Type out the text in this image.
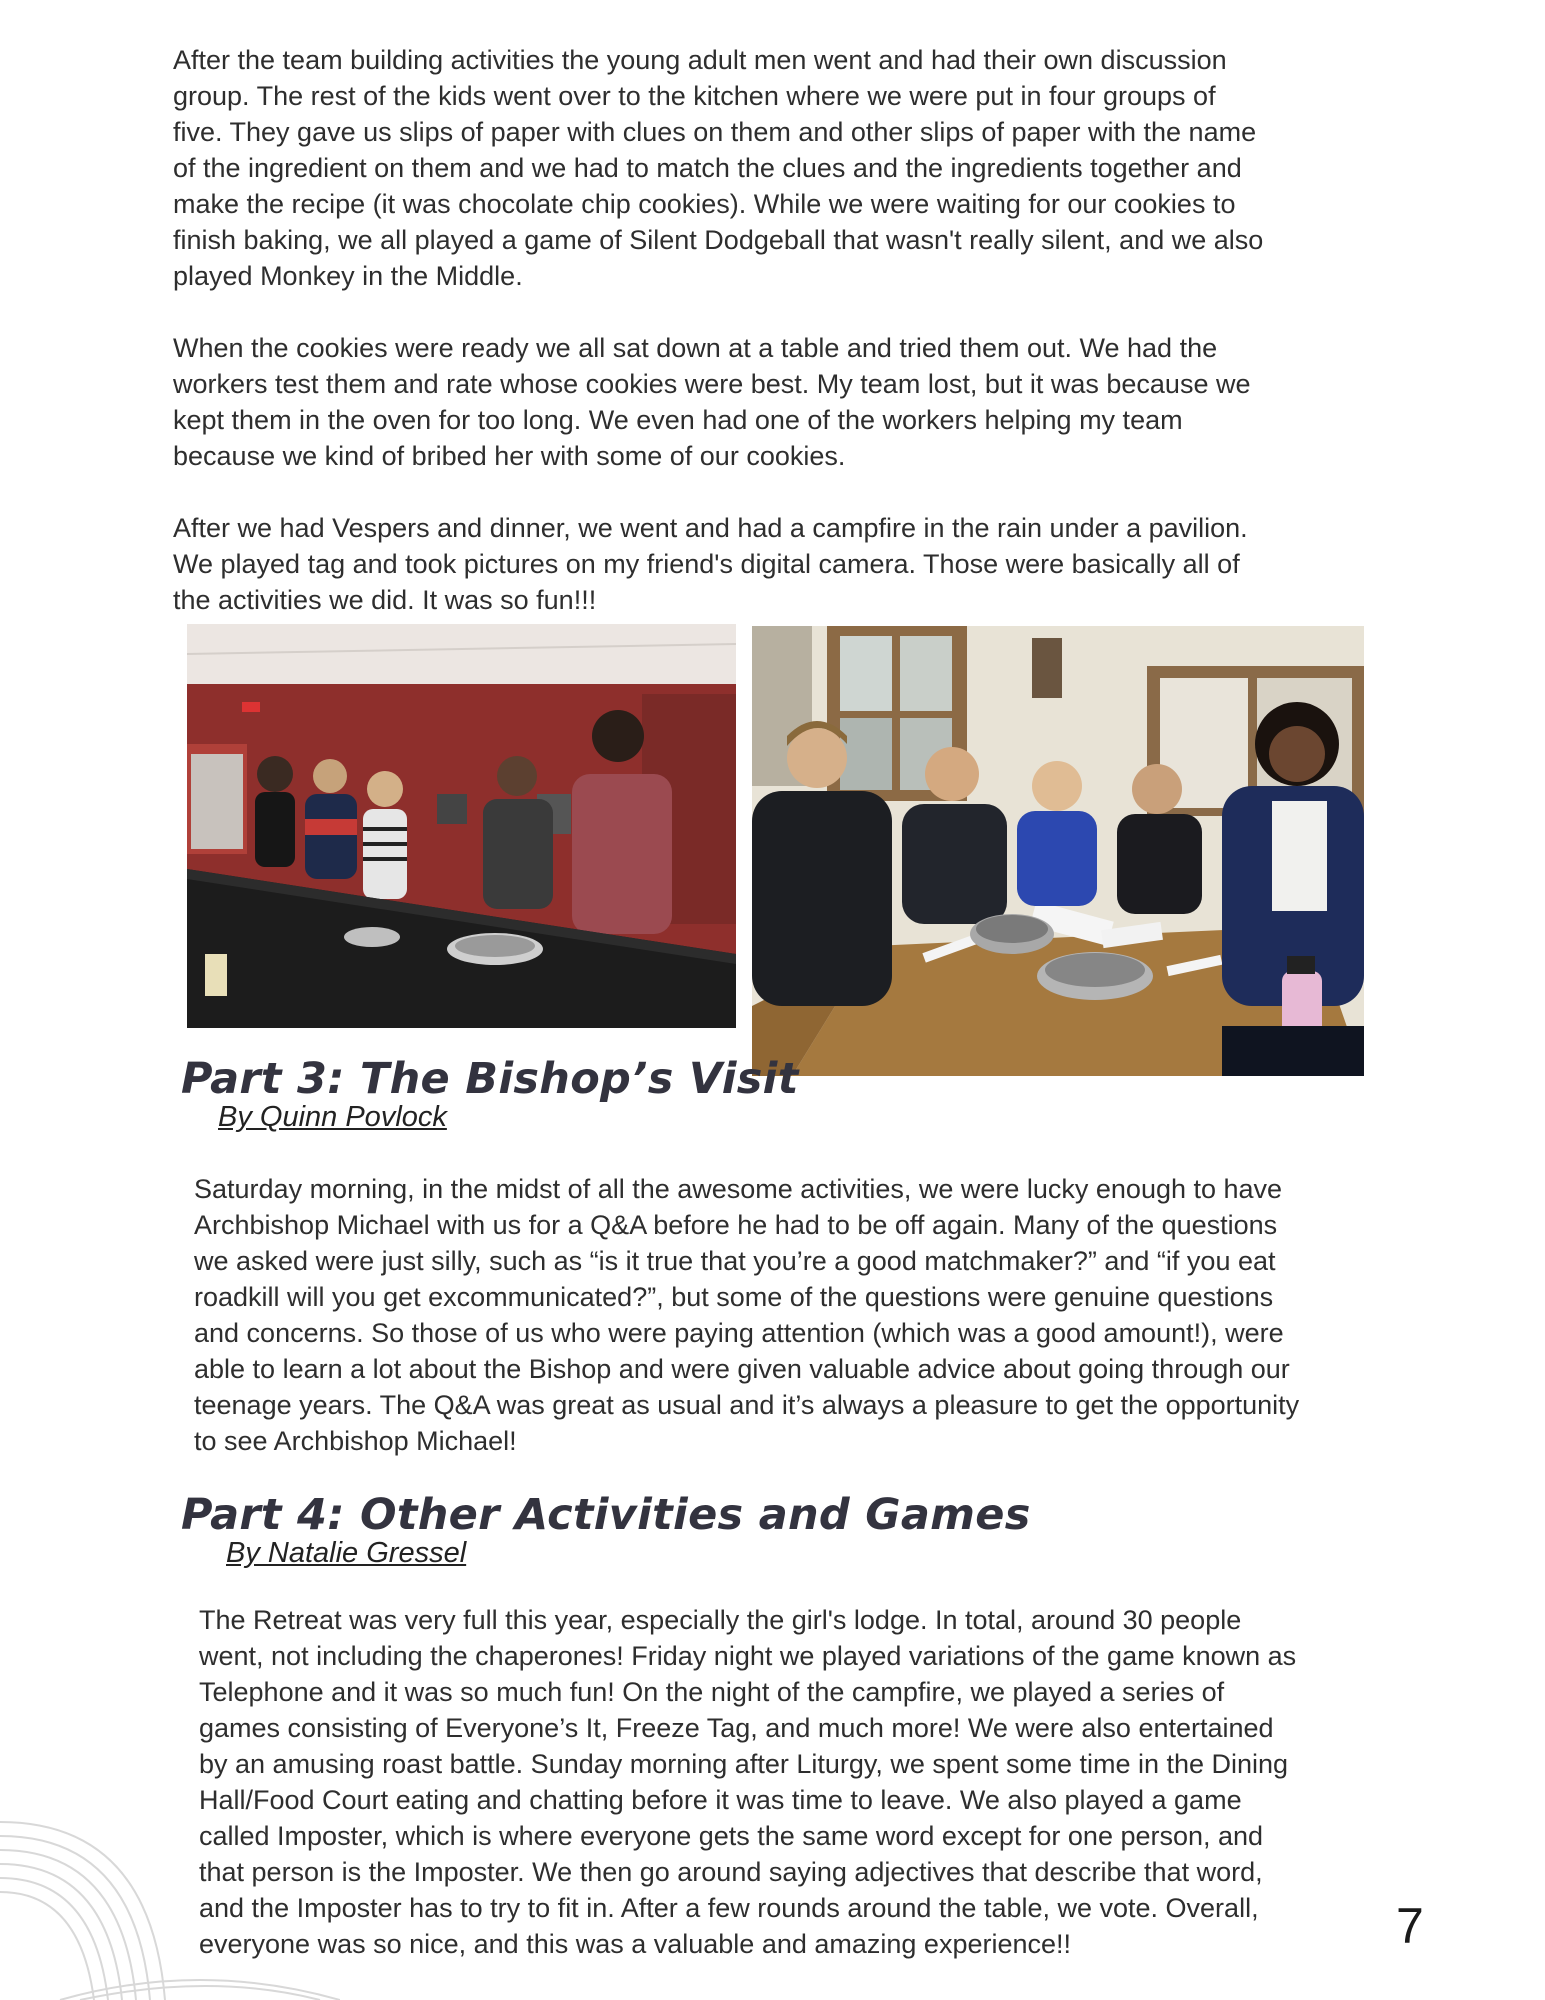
After the team building activities the young adult men went and had their own discussion
group. The rest of the kids went over to the kitchen where we were put in four groups of
five. They gave us slips of paper with clues on them and other slips of paper with the name
of the ingredient on them and we had to match the clues and the ingredients together and
make the recipe (it was chocolate chip cookies). While we were waiting for our cookies to
finish baking, we all played a game of Silent Dodgeball that wasn't really silent, and we also
played Monkey in the Middle.

When the cookies were ready we all sat down at a table and tried them out. We had the
workers test them and rate whose cookies were best. My team lost, but it was because we
kept them in the oven for too long. We even had one of the workers helping my team
because we kind of bribed her with some of our cookies.

After we had Vespers and dinner, we went and had a campfire in the rain under a pavilion.
We played tag and took pictures on my friend's digital camera. Those were basically all of
the activities we did. It was so fun!!!

Part 3: The Bishop’s Visit

By Quinn Povlock

Saturday morning, in the midst of all the awesome activities, we were lucky enough to have
Archbishop Michael with us for a Q&A before he had to be off again. Many of the questions
we asked were just silly, such as “is it true that you’re a good matchmaker?” and “if you eat
roadkill will you get excommunicated?”, but some of the questions were genuine questions
and concerns. So those of us who were paying attention (which was a good amount!), were
able to learn a lot about the Bishop and were given valuable advice about going through our
teenage years. The Q&A was great as usual and it’s always a pleasure to get the opportunity
to see Archbishop Michael!

Part 4: Other Activities and Games

By Natalie Gressel

The Retreat was very full this year, especially the girl's lodge. In total, around 30 people
went, not including the chaperones! Friday night we played variations of the game known as
Telephone and it was so much fun! On the night of the campfire, we played a series of
games consisting of Everyone’s It, Freeze Tag, and much more! We were also entertained
by an amusing roast battle. Sunday morning after Liturgy, we spent some time in the Dining
Hall/Food Court eating and chatting before it was time to leave. We also played a game
called Imposter, which is where everyone gets the same word except for one person, and
that person is the Imposter. We then go around saying adjectives that describe that word,
and the Imposter has to try to fit in. After a few rounds around the table, we vote. Overall,
everyone was so nice, and this was a valuable and amazing experience!!	7
